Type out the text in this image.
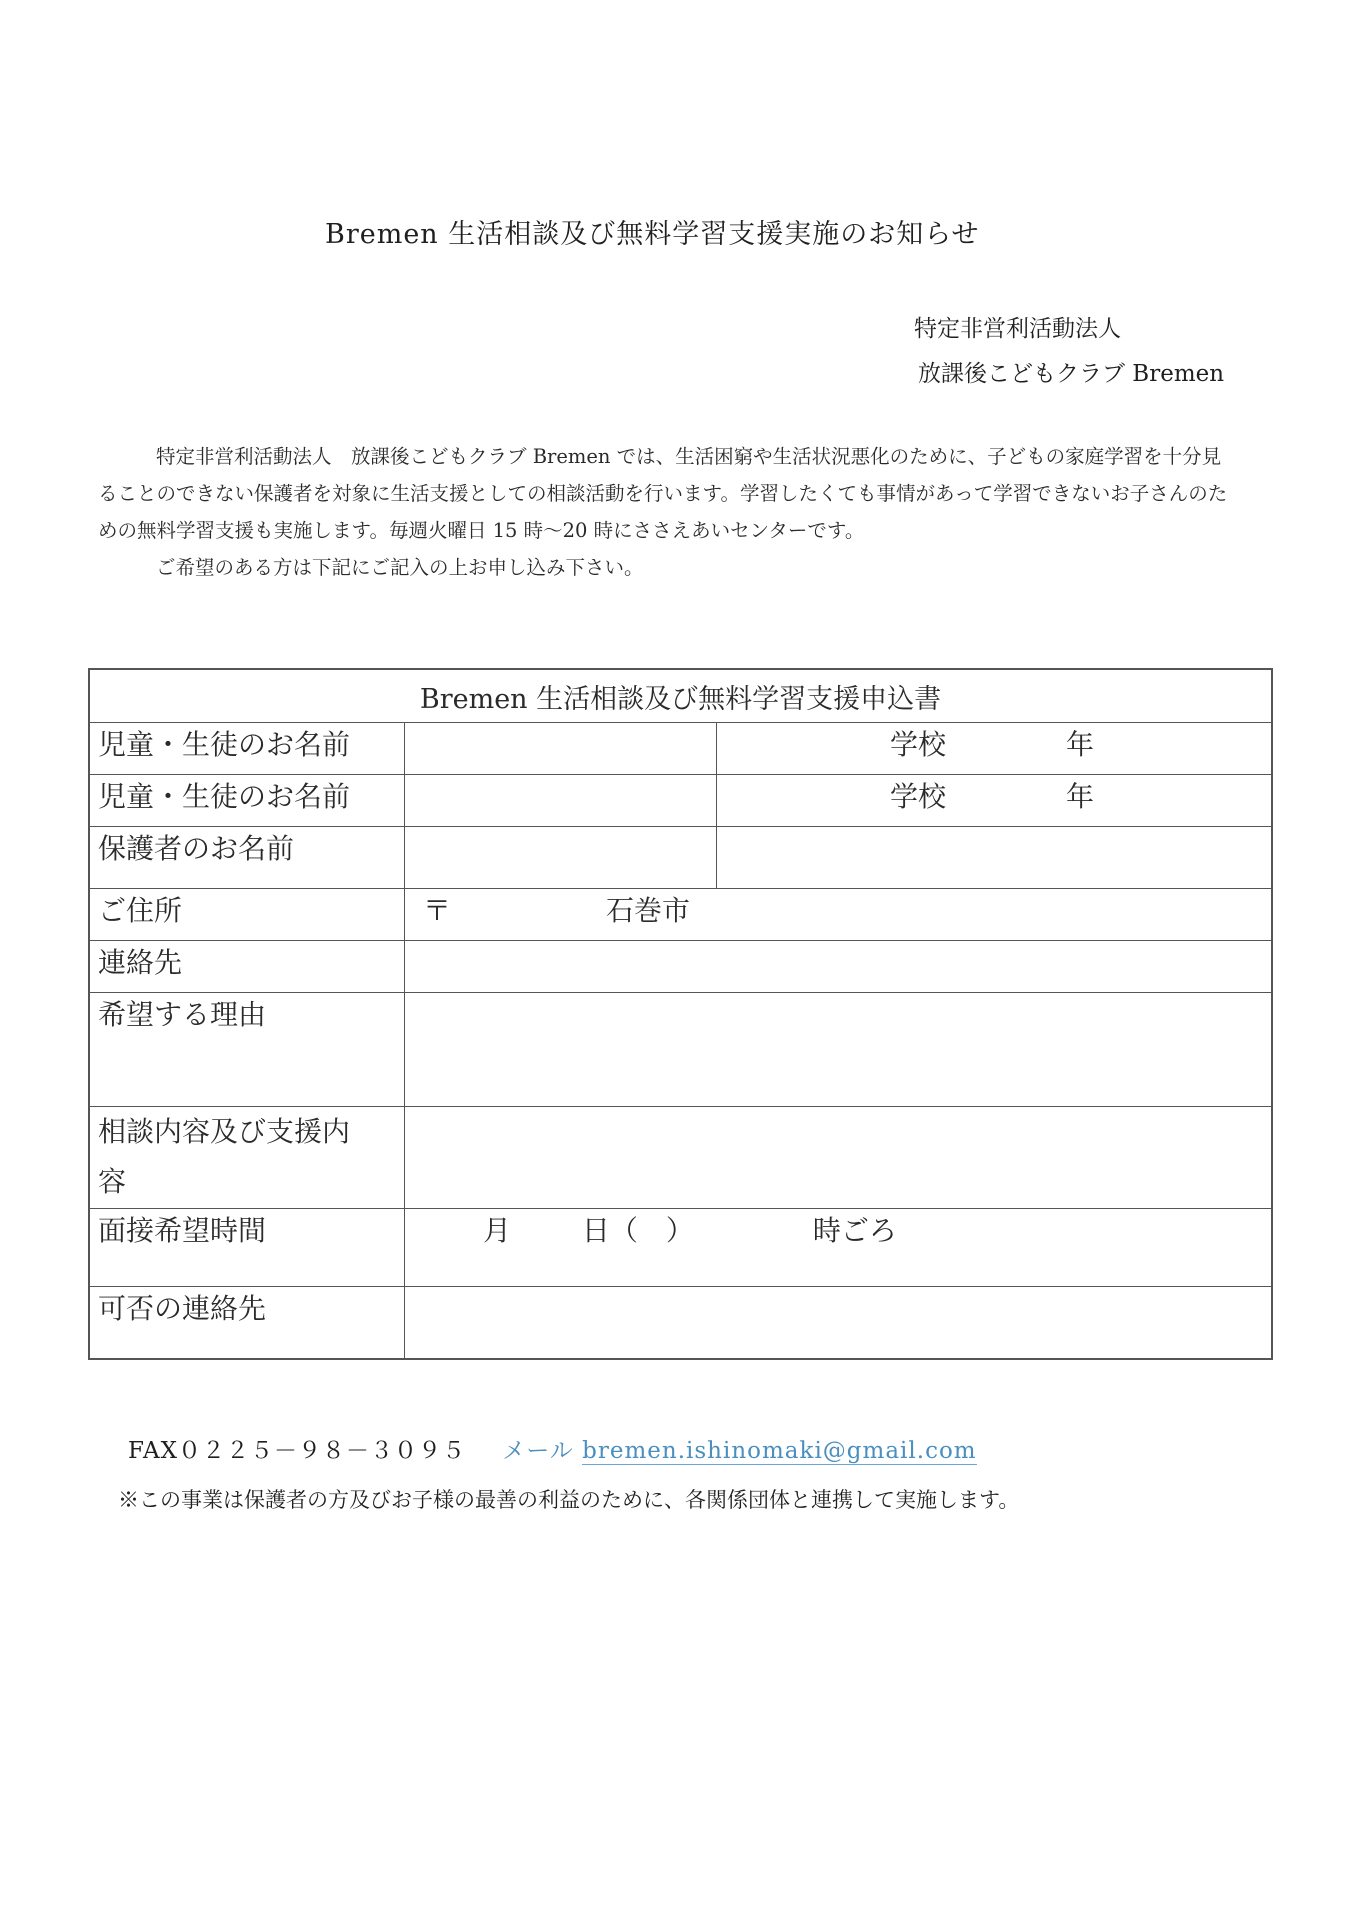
Bremen 生活相談及び無料学習支援実施のお知らせ
特定非営利活動法人
放課後こどもクラブ Bremen

特定非営利活動法人　放課後こどもクラブ Bremen では、生活困窮や生活状況悪化のために、子どもの家庭学習を十分見ることのできない保護者を対象に生活支援としての相談活動を行います。学習したくても事情があって学習できないお子さんのための無料学習支援も実施します。毎週火曜日 15 時～20 時にささえあいセンターです。

ご希望のある方は下記にご記入の上お申し込み下さい。

Bremen 生活相談及び無料学習支援申込書		
児童・生徒のお名前		学校 年

児童・生徒のお名前		学校 年

保護者のお名前		
ご住所	〒 石巻市	
連絡先		
希望する理由		
相談内容及び支援内
容		
面接希望時間	月 日（　） 時ごろ	
可否の連絡先		
FAX０２２５－９８－３０９５ メール bremen.ishinomaki@gmail.com
※この事業は保護者の方及びお子様の最善の利益のために、各関係団体と連携して実施します。
